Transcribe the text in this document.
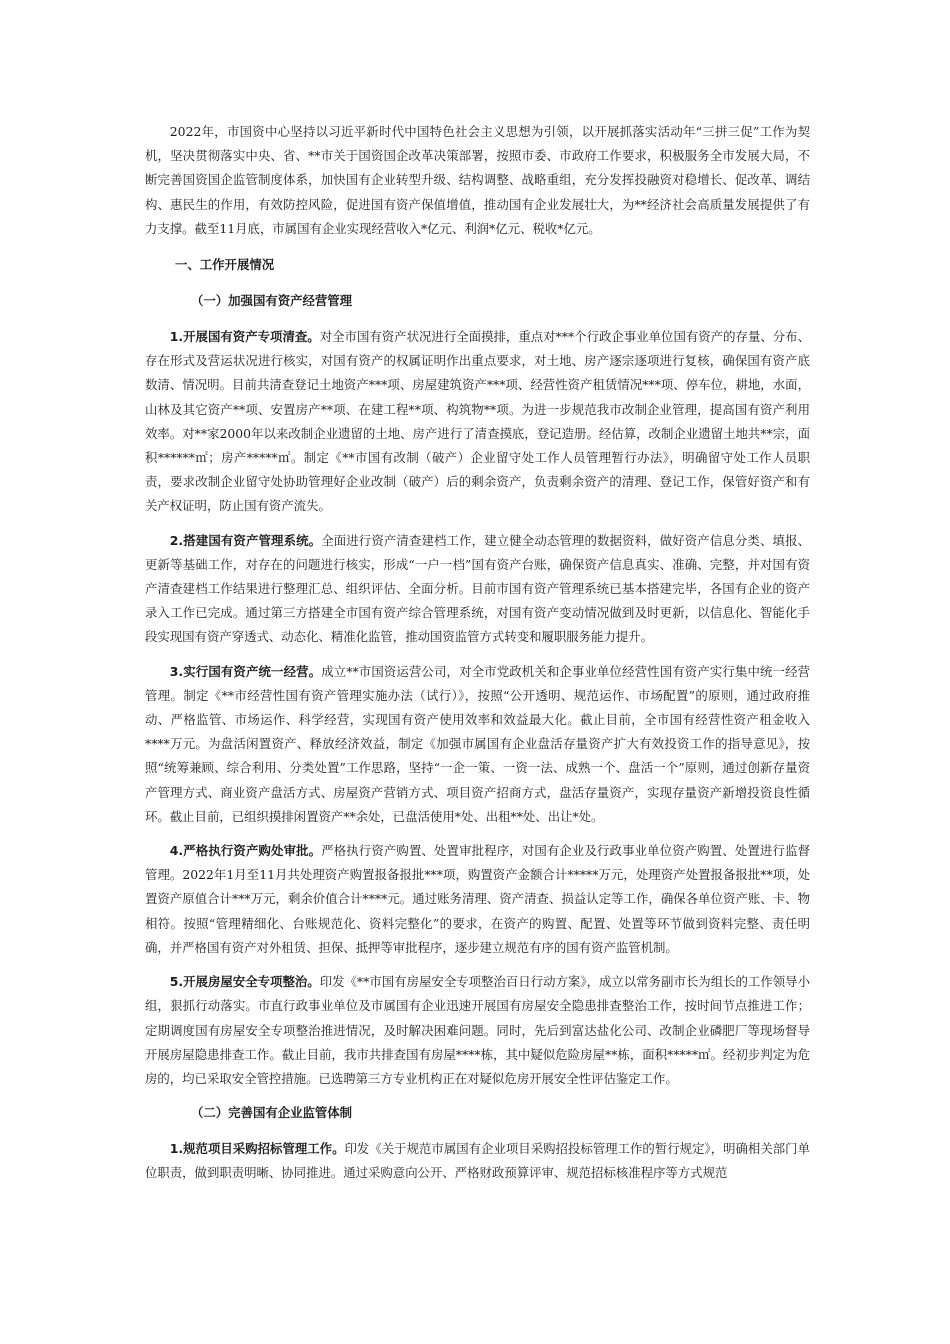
2022年，市国资中心坚持以习近平新时代中国特色社会主义思想为引领，以开展抓落实活动年“三拼三促”工作为契机，坚决贯彻落实中央、省、**市关于国资国企改革决策部署，按照市委、市政府工作要求，积极服务全市发展大局，不断完善国资国企监管制度体系，加快国有企业转型升级、结构调整、战略重组，充分发挥投融资对稳增长、促改革、调结构、惠民生的作用，有效防控风险，促进国有资产保值增值，推动国有企业发展壮大，为**经济社会高质量发展提供了有力支撑。截至11月底，市属国有企业实现经营收入*亿元、利润*亿元、税收*亿元。

一、工作开展情况
（一）加强国有资产经营管理

1.开展国有资产专项清查。对全市国有资产状况进行全面摸排，重点对***个行政企事业单位国有资产的存量、分布、存在形式及营运状况进行核实，对国有资产的权属证明作出重点要求，对土地、房产逐宗逐项进行复核，确保国有资产底数清、情况明。目前共清查登记土地资产***项、房屋建筑资产***项、经营性资产租赁情况***项、停车位，耕地，水面，山林及其它资产**项、安置房产**项、在建工程**项、构筑物**项。为进一步规范我市改制企业管理，提高国有资产利用效率。对**家2000年以来改制企业遗留的土地、房产进行了清查摸底，登记造册。经估算，改制企业遗留土地共**宗，面积******㎡；房产*****㎡。制定《**市国有改制（破产）企业留守处工作人员管理暂行办法》，明确留守处工作人员职责，要求改制企业留守处协助管理好企业改制（破产）后的剩余资产，负责剩余资产的清理、登记工作，保管好资产和有关产权证明，防止国有资产流失。

2.搭建国有资产管理系统。全面进行资产清查建档工作，建立健全动态管理的数据资料，做好资产信息分类、填报、更新等基础工作，对存在的问题进行核实，形成“一户一档”国有资产台账，确保资产信息真实、准确、完整，并对国有资产清查建档工作结果进行整理汇总、组织评估、全面分析。目前市国有资产管理系统已基本搭建完毕，各国有企业的资产录入工作已完成。通过第三方搭建全市国有资产综合管理系统，对国有资产变动情况做到及时更新，以信息化、智能化手段实现国有资产穿透式、动态化、精准化监管，推动国资监管方式转变和履职服务能力提升。

3.实行国有资产统一经营。成立**市国资运营公司，对全市党政机关和企事业单位经营性国有资产实行集中统一经营管理。制定《**市经营性国有资产管理实施办法（试行）》，按照“公开透明、规范运作、市场配置”的原则，通过政府推动、严格监管、市场运作、科学经营，实现国有资产使用效率和效益最大化。截止目前，全市国有经营性资产租金收入****万元。为盘活闲置资产、释放经济效益，制定《加强市属国有企业盘活存量资产扩大有效投资工作的指导意见》，按照“统筹兼顾、综合利用、分类处置”工作思路，坚持“一企一策、一资一法、成熟一个、盘活一个”原则，通过创新存量资产管理方式、商业资产盘活方式、房屋资产营销方式、项目资产招商方式，盘活存量资产，实现存量资产新增投资良性循环。截止目前，已组织摸排闲置资产**余处，已盘活使用*处、出租**处、出让*处。

4.严格执行资产购处审批。严格执行资产购置、处置审批程序，对国有企业及行政事业单位资产购置、处置进行监督管理。2022年1月至11月共处理资产购置报备报批***项，购置资产金额合计*****万元，处理资产处置报备报批**项，处置资产原值合计***万元，剩余价值合计****元。通过账务清理、资产清查、损益认定等工作，确保各单位资产账、卡、物相符。按照“管理精细化、台账规范化、资料完整化”的要求，在资产的购置、配置、处置等环节做到资料完整、责任明确，并严格国有资产对外租赁、担保、抵押等审批程序，逐步建立规范有序的国有资产监管机制。

5.开展房屋安全专项整治。印发《**市国有房屋安全专项整治百日行动方案》，成立以常务副市长为组长的工作领导小组，狠抓行动落实。市直行政事业单位及市属国有企业迅速开展国有房屋安全隐患排查整治工作，按时间节点推进工作；定期调度国有房屋安全专项整治推进情况，及时解决困难问题。同时，先后到富达盐化公司、改制企业磷肥厂等现场督导开展房屋隐患排查工作。截止目前，我市共排查国有房屋****栋，其中疑似危险房屋**栋，面积*****㎡。经初步判定为危房的，均已采取安全管控措施。已选聘第三方专业机构正在对疑似危房开展安全性评估鉴定工作。

（二）完善国有企业监管体制

1.规范项目采购招标管理工作。印发《关于规范市属国有企业项目采购招投标管理工作的暂行规定》，明确相关部门单位职责，做到职责明晰、协同推进。通过采购意向公开、严格财政预算评审、规范招标核准程序等方式规范
